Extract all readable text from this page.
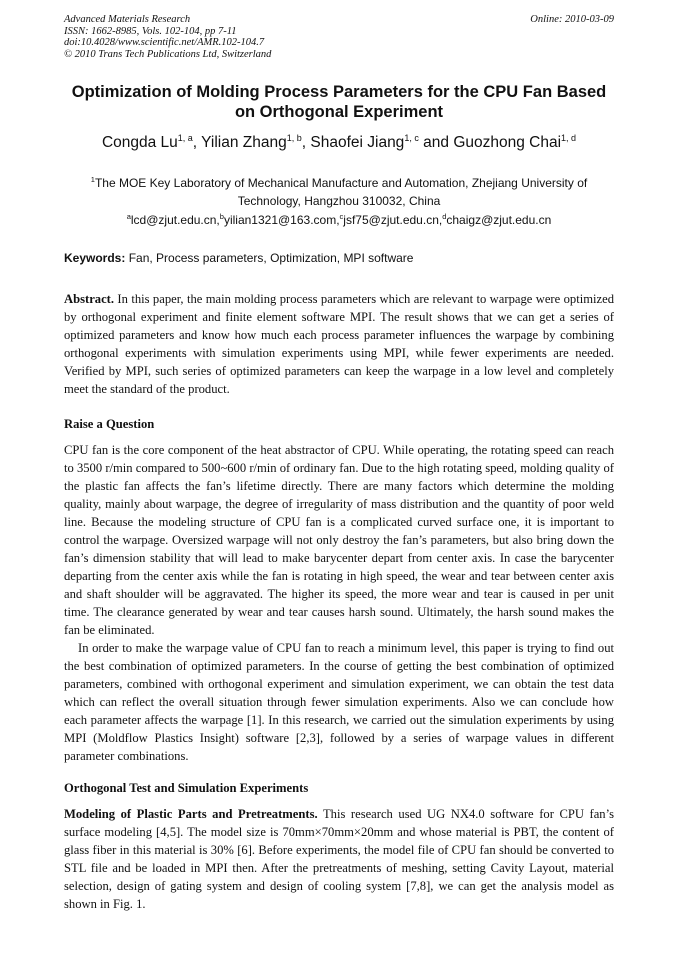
Advanced Materials Research
ISSN: 1662-8985, Vols. 102-104, pp 7-11
doi:10.4028/www.scientific.net/AMR.102-104.7
© 2010 Trans Tech Publications Ltd, Switzerland
Online: 2010-03-09
Optimization of Molding Process Parameters for the CPU Fan Based on Orthogonal Experiment
Congda Lu$^{1, a}$, Yilian Zhang$^{1, b}$, Shaofei Jiang$^{1, c}$ and Guozhong Chai$^{1, d}$
$^1$The MOE Key Laboratory of Mechanical Manufacture and Automation, Zhejiang University of Technology, Hangzhou 310032, China
$^a$lcd@zjut.edu.cn,$^b$yilian1321@163.com,$^c$jsf75@zjut.edu.cn,$^d$chaigz@zjut.edu.cn
Keywords: Fan, Process parameters, Optimization, MPI software

Abstract. In this paper, the main molding process parameters which are relevant to warpage were optimized by orthogonal experiment and finite element software MPI. The result shows that we can get a series of optimized parameters and know how much each process parameter influences the warpage by combining orthogonal experiments with simulation experiments using MPI, while fewer experiments are needed. Verified by MPI, such series of optimized parameters can keep the warpage in a low level and completely meet the standard of the product.

Raise a Question

CPU fan is the core component of the heat abstractor of CPU. While operating, the rotating speed can reach to 3500 r/min compared to 500~600 r/min of ordinary fan. Due to the high rotating speed, molding quality of the plastic fan affects the fan’s lifetime directly. There are many factors which determine the molding quality, mainly about warpage, the degree of irregularity of mass distribution and the quantity of poor weld line. Because the modeling structure of CPU fan is a complicated curved surface one, it is important to control the warpage. Oversized warpage will not only destroy the fan’s parameters, but also bring down the fan’s dimension stability that will lead to make barycenter depart from center axis. In case the barycenter departing from the center axis while the fan is rotating in high speed, the wear and tear between center axis and shaft shoulder will be aggravated. The higher its speed, the more wear and tear is caused in per unit time. The clearance generated by wear and tear causes harsh sound. Ultimately, the harsh sound makes the fan be eliminated.

In order to make the warpage value of CPU fan to reach a minimum level, this paper is trying to find out the best combination of optimized parameters. In the course of getting the best combination of optimized parameters, combined with orthogonal experiment and simulation experiment, we can obtain the test data which can reflect the overall situation through fewer simulation experiments. Also we can conclude how each parameter affects the warpage [1]. In this research, we carried out the simulation experiments by using MPI (Moldflow Plastics Insight) software [2,3], followed by a series of warpage values in different parameter combinations.

Orthogonal Test and Simulation Experiments

Modeling of Plastic Parts and Pretreatments. This research used UG NX4.0 software for CPU fan’s surface modeling [4,5]. The model size is 70mm×70mm×20mm and whose material is PBT, the content of glass fiber in this material is 30% [6]. Before experiments, the model file of CPU fan should be converted to STL file and be loaded in MPI then. After the pretreatments of meshing, setting Cavity Layout, material selection, design of gating system and design of cooling system [7,8], we can get the analysis model as shown in Fig. 1.
